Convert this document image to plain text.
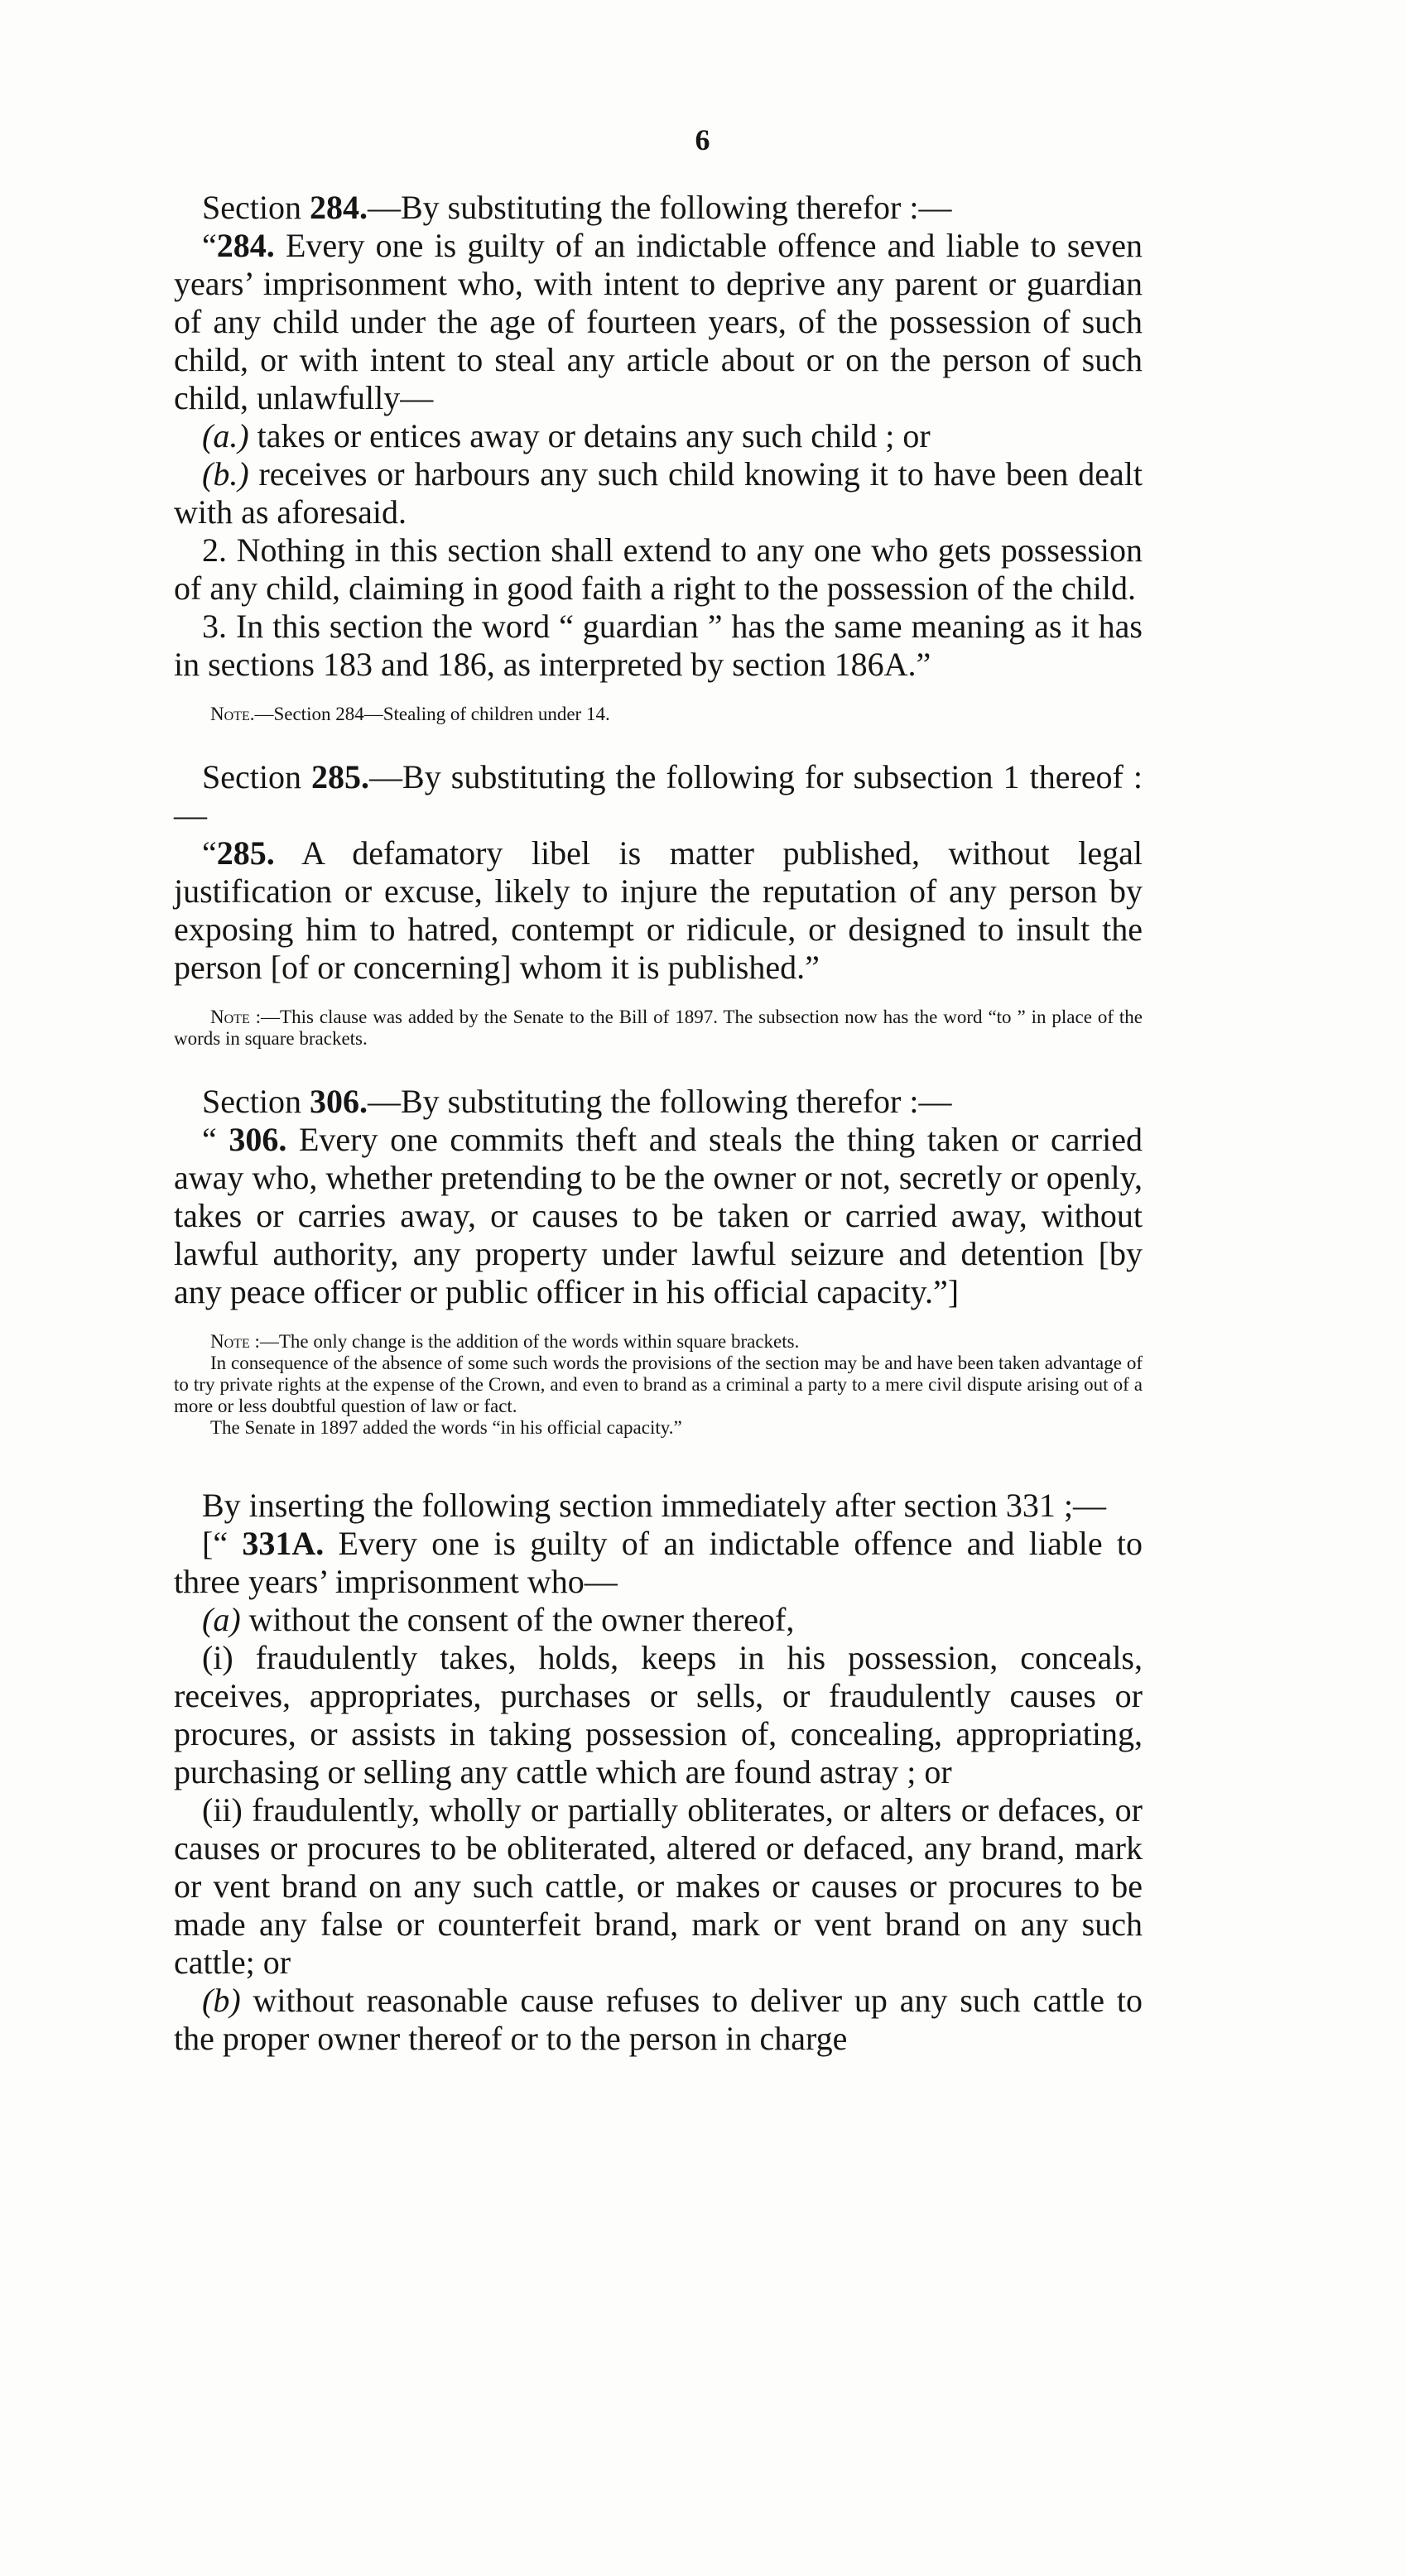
6

Section 284.—By substituting the following therefor :—

“284. Every one is guilty of an indictable offence and liable to seven years’ imprisonment who, with intent to deprive any parent or guardian of any child under the age of fourteen years, of the possession of such child, or with intent to steal any article about or on the person of such child, unlawfully—

(a.) takes or entices away or detains any such child ; or

(b.) receives or harbours any such child knowing it to have been dealt with as aforesaid.

2. Nothing in this section shall extend to any one who gets possession of any child, claiming in good faith a right to the possession of the child.

3. In this section the word “ guardian ” has the same meaning as it has in sections 183 and 186, as interpreted by section 186A.”

Note.—Section 284—Stealing of children under 14.

Section 285.—By substituting the following for subsection 1 thereof :—

“285. A defamatory libel is matter published, without legal justification or excuse, likely to injure the reputation of any person by exposing him to hatred, contempt or ridicule, or designed to insult the person [of or concerning] whom it is published.”

Note :—This clause was added by the Senate to the Bill of 1897. The subsection now has the word “to ” in place of the words in square brackets.

Section 306.—By substituting the following therefor :—

“ 306. Every one commits theft and steals the thing taken or carried away who, whether pretending to be the owner or not, secretly or openly, takes or carries away, or causes to be taken or carried away, without lawful authority, any property under lawful seizure and detention [by any peace officer or public officer in his official capacity.”]

Note :—The only change is the addition of the words within square brackets.

In consequence of the absence of some such words the provisions of the section may be and have been taken advantage of to try private rights at the expense of the Crown, and even to brand as a criminal a party to a mere civil dispute arising out of a more or less doubtful question of law or fact.

The Senate in 1897 added the words “in his official capacity.”

By inserting the following section immediately after section 331 ;—

[“ 331A. Every one is guilty of an indictable offence and liable to three years’ imprisonment who—

(a) without the consent of the owner thereof,

(i) fraudulently takes, holds, keeps in his possession, conceals, receives, appropriates, purchases or sells, or fraudulently causes or procures, or assists in taking possession of, concealing, appropriating, purchasing or selling any cattle which are found astray ; or

(ii) fraudulently, wholly or partially obliterates, or alters or defaces, or causes or procures to be obliterated, altered or defaced, any brand, mark or vent brand on any such cattle, or makes or causes or procures to be made any false or counterfeit brand, mark or vent brand on any such cattle; or

(b) without reasonable cause refuses to deliver up any such cattle to the proper owner thereof or to the person in charge
